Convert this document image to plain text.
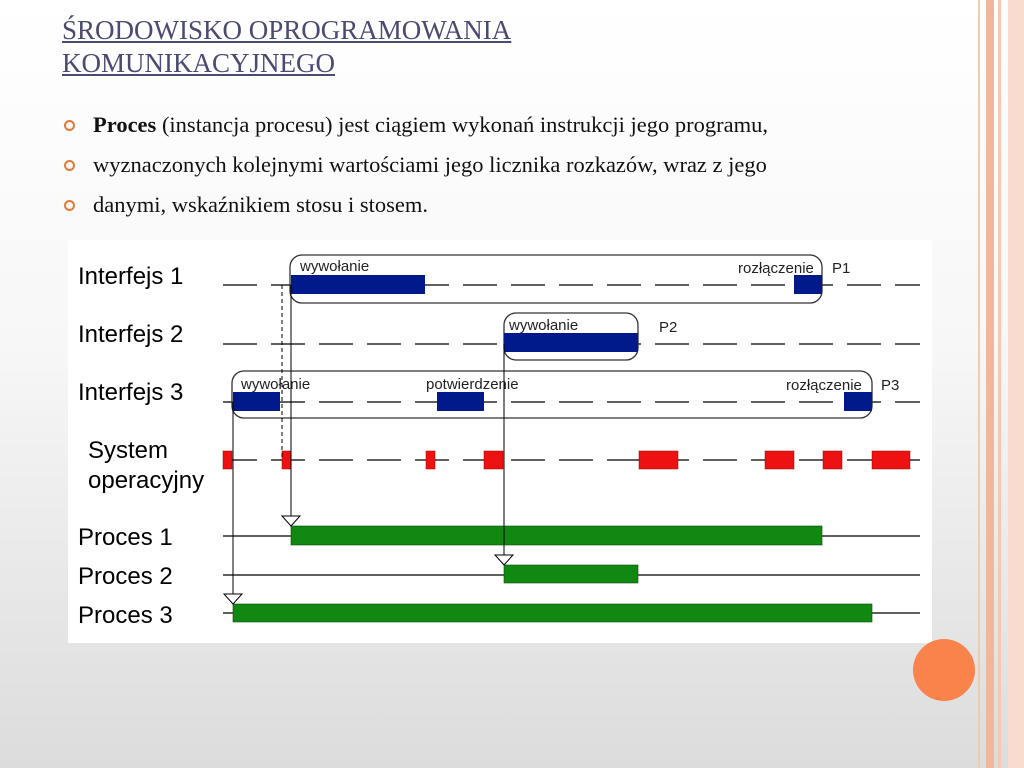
ŚRODOWISKO OPROGRAMOWANIA
KOMUNIKACYJNEGO
Proces (instancja procesu) jest ciągiem wykonań instrukcji jego programu,
wyznaczonych kolejnymi wartościami jego licznika rozkazów, wraz z jego
danymi, wskaźnikiem stosu i stosem.
Interfejs 1
Interfejs 2
Interfejs 3
System
operacyjny
Proces 1
Proces 2
Proces 3
wywołanie	rozłączenie P1
wywołanie	P2
wywołanie	potwierdzenie	rozłączenie P3
